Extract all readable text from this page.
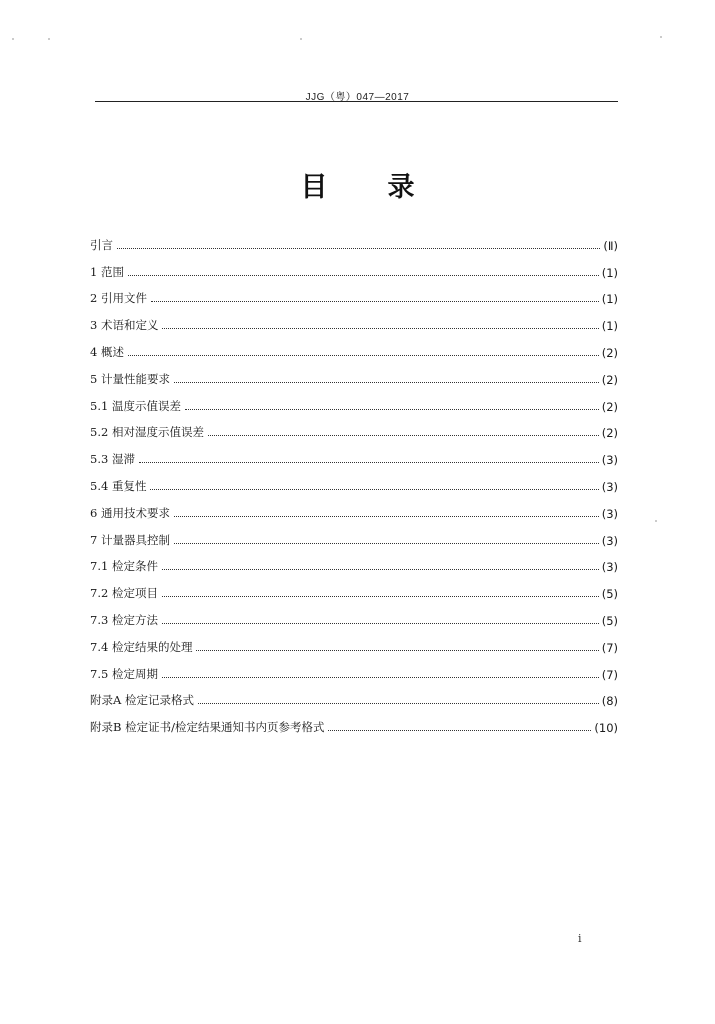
JJG（粤）047—2017
目录
引言	(Ⅱ)
1 范围	(1)
2 引用文件	(1)
3 术语和定义	(1)
4 概述	(2)
5 计量性能要求	(2)
5.1 温度示值误差	(2)
5.2 相对湿度示值误差	(2)
5.3 湿滞	(3)
5.4 重复性	(3)
6 通用技术要求	(3)
7 计量器具控制	(3)
7.1 检定条件	(3)
7.2 检定项目	(5)
7.3 检定方法	(5)
7.4 检定结果的处理	(7)
7.5 检定周期	(7)
附录A 检定记录格式	(8)
附录B 检定证书/检定结果通知书内页参考格式	(10)
i
